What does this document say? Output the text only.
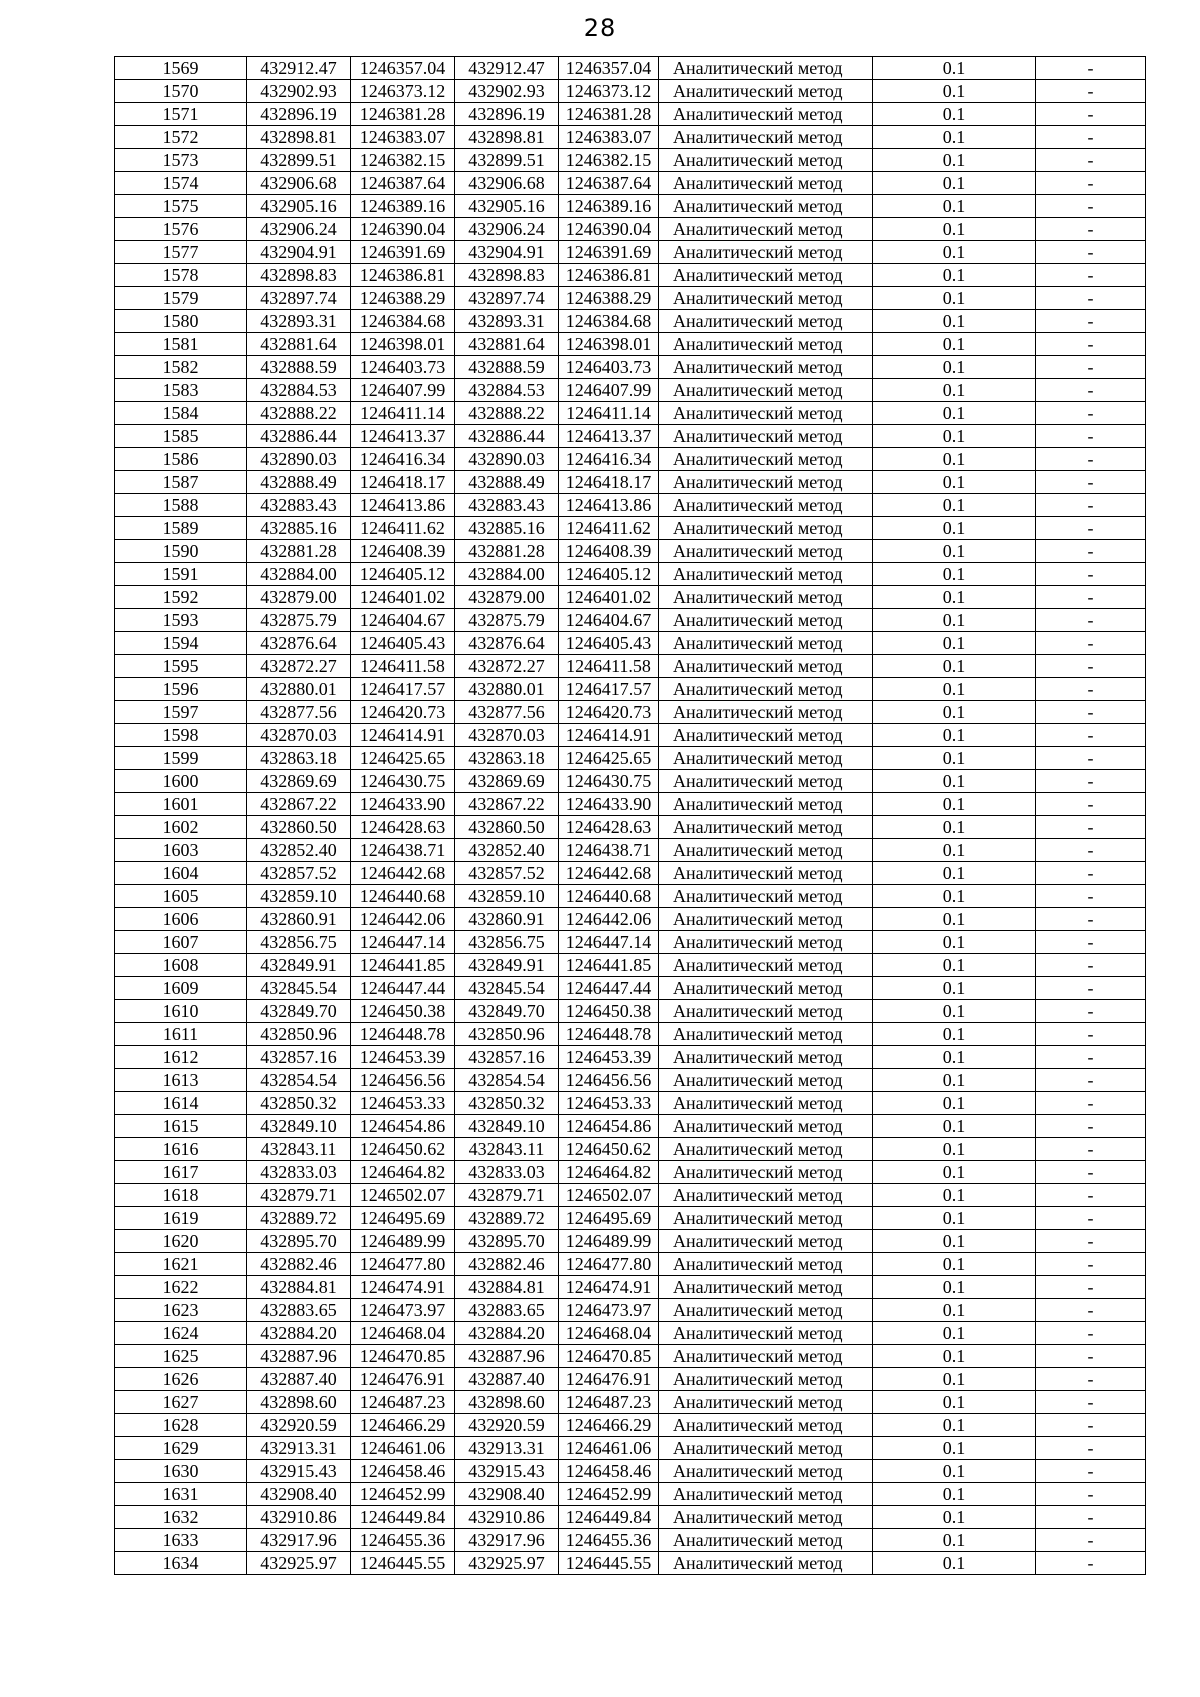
28
1569	432912.47	1246357.04	432912.47	1246357.04	Аналитический метод	0.1	-
1570	432902.93	1246373.12	432902.93	1246373.12	Аналитический метод	0.1	-
1571	432896.19	1246381.28	432896.19	1246381.28	Аналитический метод	0.1	-
1572	432898.81	1246383.07	432898.81	1246383.07	Аналитический метод	0.1	-
1573	432899.51	1246382.15	432899.51	1246382.15	Аналитический метод	0.1	-
1574	432906.68	1246387.64	432906.68	1246387.64	Аналитический метод	0.1	-
1575	432905.16	1246389.16	432905.16	1246389.16	Аналитический метод	0.1	-
1576	432906.24	1246390.04	432906.24	1246390.04	Аналитический метод	0.1	-
1577	432904.91	1246391.69	432904.91	1246391.69	Аналитический метод	0.1	-
1578	432898.83	1246386.81	432898.83	1246386.81	Аналитический метод	0.1	-
1579	432897.74	1246388.29	432897.74	1246388.29	Аналитический метод	0.1	-
1580	432893.31	1246384.68	432893.31	1246384.68	Аналитический метод	0.1	-
1581	432881.64	1246398.01	432881.64	1246398.01	Аналитический метод	0.1	-
1582	432888.59	1246403.73	432888.59	1246403.73	Аналитический метод	0.1	-
1583	432884.53	1246407.99	432884.53	1246407.99	Аналитический метод	0.1	-
1584	432888.22	1246411.14	432888.22	1246411.14	Аналитический метод	0.1	-
1585	432886.44	1246413.37	432886.44	1246413.37	Аналитический метод	0.1	-
1586	432890.03	1246416.34	432890.03	1246416.34	Аналитический метод	0.1	-
1587	432888.49	1246418.17	432888.49	1246418.17	Аналитический метод	0.1	-
1588	432883.43	1246413.86	432883.43	1246413.86	Аналитический метод	0.1	-
1589	432885.16	1246411.62	432885.16	1246411.62	Аналитический метод	0.1	-
1590	432881.28	1246408.39	432881.28	1246408.39	Аналитический метод	0.1	-
1591	432884.00	1246405.12	432884.00	1246405.12	Аналитический метод	0.1	-
1592	432879.00	1246401.02	432879.00	1246401.02	Аналитический метод	0.1	-
1593	432875.79	1246404.67	432875.79	1246404.67	Аналитический метод	0.1	-
1594	432876.64	1246405.43	432876.64	1246405.43	Аналитический метод	0.1	-
1595	432872.27	1246411.58	432872.27	1246411.58	Аналитический метод	0.1	-
1596	432880.01	1246417.57	432880.01	1246417.57	Аналитический метод	0.1	-
1597	432877.56	1246420.73	432877.56	1246420.73	Аналитический метод	0.1	-
1598	432870.03	1246414.91	432870.03	1246414.91	Аналитический метод	0.1	-
1599	432863.18	1246425.65	432863.18	1246425.65	Аналитический метод	0.1	-
1600	432869.69	1246430.75	432869.69	1246430.75	Аналитический метод	0.1	-
1601	432867.22	1246433.90	432867.22	1246433.90	Аналитический метод	0.1	-
1602	432860.50	1246428.63	432860.50	1246428.63	Аналитический метод	0.1	-
1603	432852.40	1246438.71	432852.40	1246438.71	Аналитический метод	0.1	-
1604	432857.52	1246442.68	432857.52	1246442.68	Аналитический метод	0.1	-
1605	432859.10	1246440.68	432859.10	1246440.68	Аналитический метод	0.1	-
1606	432860.91	1246442.06	432860.91	1246442.06	Аналитический метод	0.1	-
1607	432856.75	1246447.14	432856.75	1246447.14	Аналитический метод	0.1	-
1608	432849.91	1246441.85	432849.91	1246441.85	Аналитический метод	0.1	-
1609	432845.54	1246447.44	432845.54	1246447.44	Аналитический метод	0.1	-
1610	432849.70	1246450.38	432849.70	1246450.38	Аналитический метод	0.1	-
1611	432850.96	1246448.78	432850.96	1246448.78	Аналитический метод	0.1	-
1612	432857.16	1246453.39	432857.16	1246453.39	Аналитический метод	0.1	-
1613	432854.54	1246456.56	432854.54	1246456.56	Аналитический метод	0.1	-
1614	432850.32	1246453.33	432850.32	1246453.33	Аналитический метод	0.1	-
1615	432849.10	1246454.86	432849.10	1246454.86	Аналитический метод	0.1	-
1616	432843.11	1246450.62	432843.11	1246450.62	Аналитический метод	0.1	-
1617	432833.03	1246464.82	432833.03	1246464.82	Аналитический метод	0.1	-
1618	432879.71	1246502.07	432879.71	1246502.07	Аналитический метод	0.1	-
1619	432889.72	1246495.69	432889.72	1246495.69	Аналитический метод	0.1	-
1620	432895.70	1246489.99	432895.70	1246489.99	Аналитический метод	0.1	-
1621	432882.46	1246477.80	432882.46	1246477.80	Аналитический метод	0.1	-
1622	432884.81	1246474.91	432884.81	1246474.91	Аналитический метод	0.1	-
1623	432883.65	1246473.97	432883.65	1246473.97	Аналитический метод	0.1	-
1624	432884.20	1246468.04	432884.20	1246468.04	Аналитический метод	0.1	-
1625	432887.96	1246470.85	432887.96	1246470.85	Аналитический метод	0.1	-
1626	432887.40	1246476.91	432887.40	1246476.91	Аналитический метод	0.1	-
1627	432898.60	1246487.23	432898.60	1246487.23	Аналитический метод	0.1	-
1628	432920.59	1246466.29	432920.59	1246466.29	Аналитический метод	0.1	-
1629	432913.31	1246461.06	432913.31	1246461.06	Аналитический метод	0.1	-
1630	432915.43	1246458.46	432915.43	1246458.46	Аналитический метод	0.1	-
1631	432908.40	1246452.99	432908.40	1246452.99	Аналитический метод	0.1	-
1632	432910.86	1246449.84	432910.86	1246449.84	Аналитический метод	0.1	-
1633	432917.96	1246455.36	432917.96	1246455.36	Аналитический метод	0.1	-
1634	432925.97	1246445.55	432925.97	1246445.55	Аналитический метод	0.1	-
